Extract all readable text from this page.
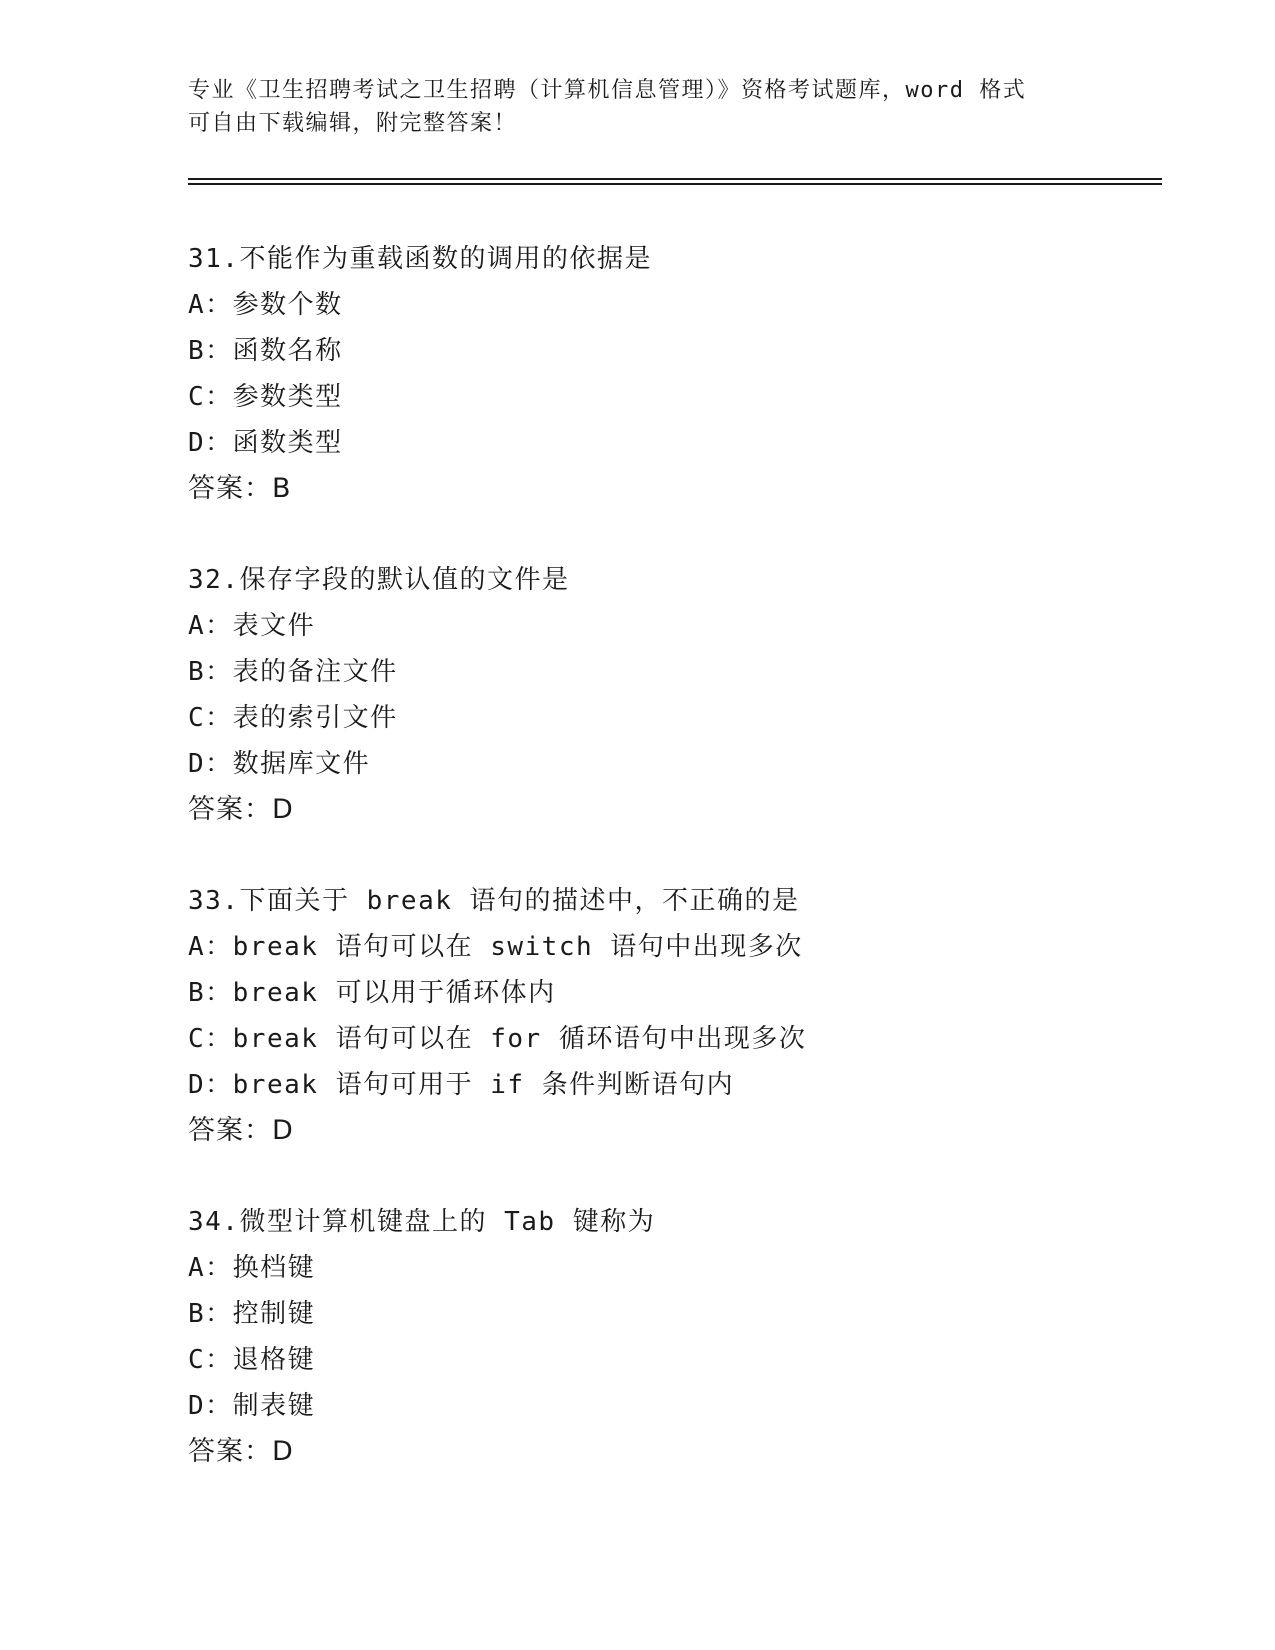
专业《卫生招聘考试之卫生招聘（计算机信息管理）》资格考试题库，word 格式
可自由下载编辑，附完整答案！
31.不能作为重载函数的调用的依据是
A：参数个数
B：函数名称
C：参数类型
D：函数类型
答案：B
32.保存字段的默认值的文件是
A：表文件
B：表的备注文件
C：表的索引文件
D：数据库文件
答案：D
33.下面关于 break 语句的描述中，不正确的是
A：break 语句可以在 switch 语句中出现多次
B：break 可以用于循环体内
C：break 语句可以在 for 循环语句中出现多次
D：break 语句可用于 if 条件判断语句内
答案：D
34.微型计算机键盘上的 Tab 键称为
A：换档键
B：控制键
C：退格键
D：制表键
答案：D
